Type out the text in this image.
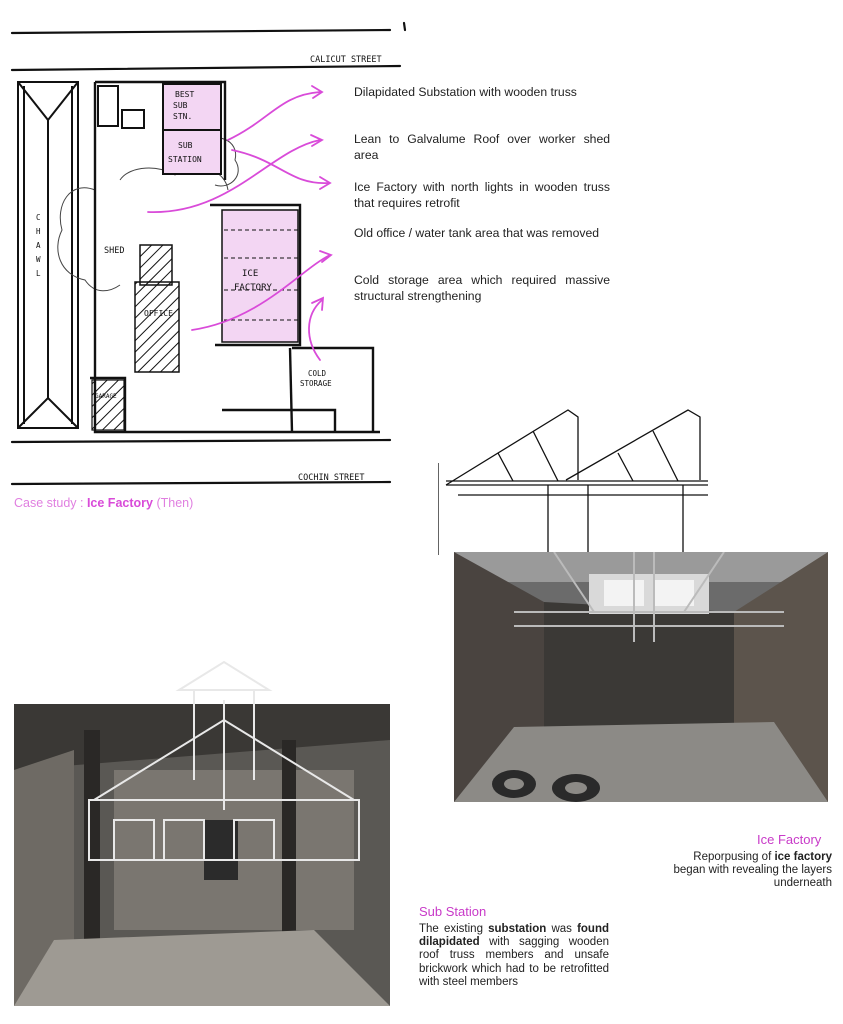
CALICUT STREET
COCHIN STREET
C
H
A
W
L
BEST
SUB
STN.
SUB
STATION
ICE
FACTORY
SHED
OFFICE
GARAGE
COLD
STORAGE
Dilapidated Substation with wooden truss
Lean to Galvalume Roof over worker shed area
Ice Factory with north lights in wooden truss that requires retrofit
Old office / water tank area that was removed
Cold storage area which required massive structural strengthening
Case study : Ice Factory (Then)
Ice Factory
Reporpusing of ice factory began with revealing the layers underneath
Sub Station
The existing substation was found dilapidated with sagging wooden roof truss members and unsafe brickwork which had to be retrofitted with steel members
